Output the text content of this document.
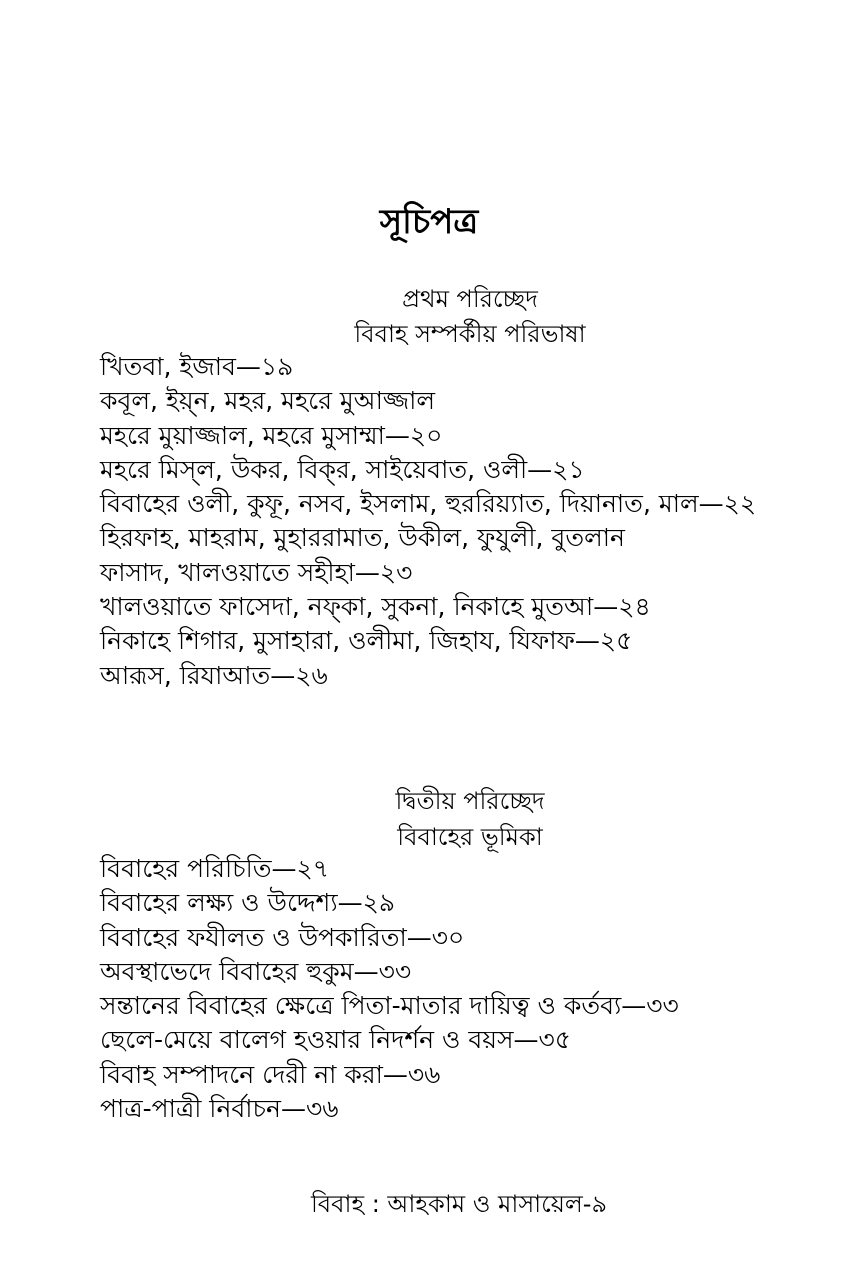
সূচিপত্র
প্রথম পরিচ্ছেদ
বিবাহ সম্পর্কীয় পরিভাষা
খিতবা, ইজাব—১৯
কবূল, ইয়্ন, মহর, মহরে মুআজ্জাল
মহরে মুয়াজ্জাল, মহরে মুসাম্মা—২০
মহরে মিস্‌ল, উকর, বিক্‌র, সাইয়েবাত, ওলী—২১
বিবাহের ওলী, কুফূ, নসব, ইসলাম, হুররিয়্যাত, দিয়ানাত, মাল—২২
হিরফাহ, মাহরাম, মুহাররামাত, উকীল, ফুযুলী, বুতলান
ফাসাদ, খালওয়াতে সহীহা—২৩
খালওয়াতে ফাসেদা, নফ্‌কা, সুকনা, নিকাহে মুতআ—২৪
নিকাহে শিগার, মুসাহারা, ওলীমা, জিহায, যিফাফ—২৫
আরূস, রিযাআত—২৬
দ্বিতীয় পরিচ্ছেদ
বিবাহের ভূমিকা
বিবাহের পরিচিতি—২৭
বিবাহের লক্ষ্য ও উদ্দেশ্য—২৯
বিবাহের ফযীলত ও উপকারিতা—৩০
অবস্থাভেদে বিবাহের হুকুম—৩৩
সন্তানের বিবাহের ক্ষেত্রে পিতা-মাতার দায়িত্ব ও কর্তব্য—৩৩
ছেলে-মেয়ে বালেগ হওয়ার নিদর্শন ও বয়স—৩৫
বিবাহ সম্পাদনে দেরী না করা—৩৬
পাত্র-পাত্রী নির্বাচন—৩৬
বিবাহ : আহকাম ও মাসায়েল-৯
